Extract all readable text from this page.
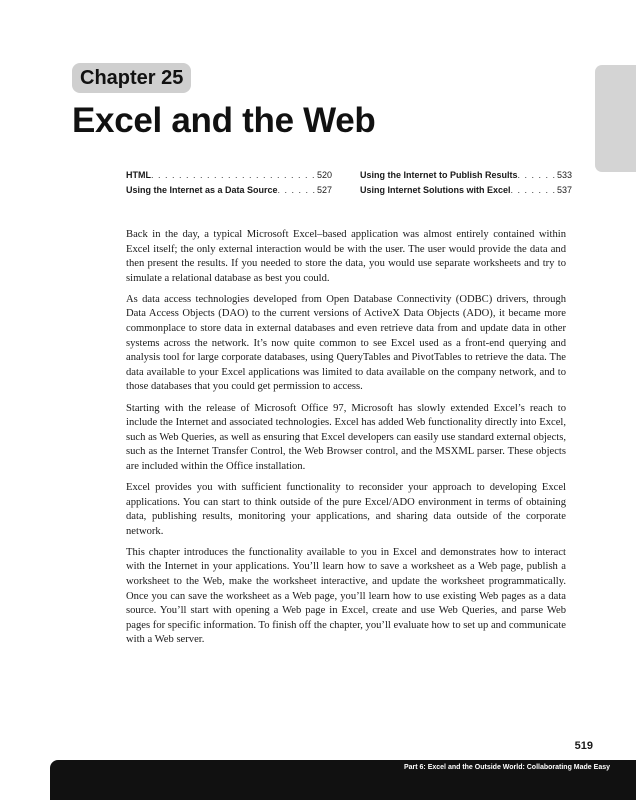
Chapter 25
Excel and the Web
HTML . . .	520	Using the Internet to Publish Results . . .	533
Using the Internet as a Data Source . . .	527	Using Internet Solutions with Excel . . .	537

Back in the day, a typical Microsoft Excel–based application was almost entirely contained within Excel itself; the only external interaction would be with the user. The user would provide the data and then present the results. If you needed to store the data, you would use separate worksheets and try to simulate a relational database as best you could.

As data access technologies developed from Open Database Connectivity (ODBC) drivers, through Data Access Objects (DAO) to the current versions of ActiveX Data Objects (ADO), it became more commonplace to store data in external databases and even retrieve data from and update data in other systems across the network. It’s now quite common to see Excel used as a front-end querying and analysis tool for large corporate databases, using QueryTables and PivotTables to retrieve the data. The data available to your Excel applications was limited to data available on the company network, and to those databases that you could get permission to access.

Starting with the release of Microsoft Office 97, Microsoft has slowly extended Excel’s reach to include the Internet and associated technologies. Excel has added Web functionality directly into Excel, such as Web Queries, as well as ensuring that Excel developers can easily use standard external objects, such as the Internet Transfer Control, the Web Browser control, and the MSXML parser. These objects are included within the Office installation.

Excel provides you with sufficient functionality to reconsider your approach to developing Excel applications. You can start to think outside of the pure Excel/ADO environment in terms of obtaining data, publishing results, monitoring your applications, and sharing data outside of the corporate network.

This chapter introduces the functionality available to you in Excel and demonstrates how to interact with the Internet in your applications. You’ll learn how to save a worksheet as a Web page, publish a worksheet to the Web, make the worksheet interactive, and update the worksheet programmatically. Once you can save the worksheet as a Web page, you’ll learn how to use existing Web pages as a data source. You’ll start with opening a Web page in Excel, create and use Web Queries, and parse Web pages for specific information. To finish off the chapter, you’ll evaluate how to set up and communicate with a Web server.

519
Part 6: Excel and the Outside World: Collaborating Made Easy
